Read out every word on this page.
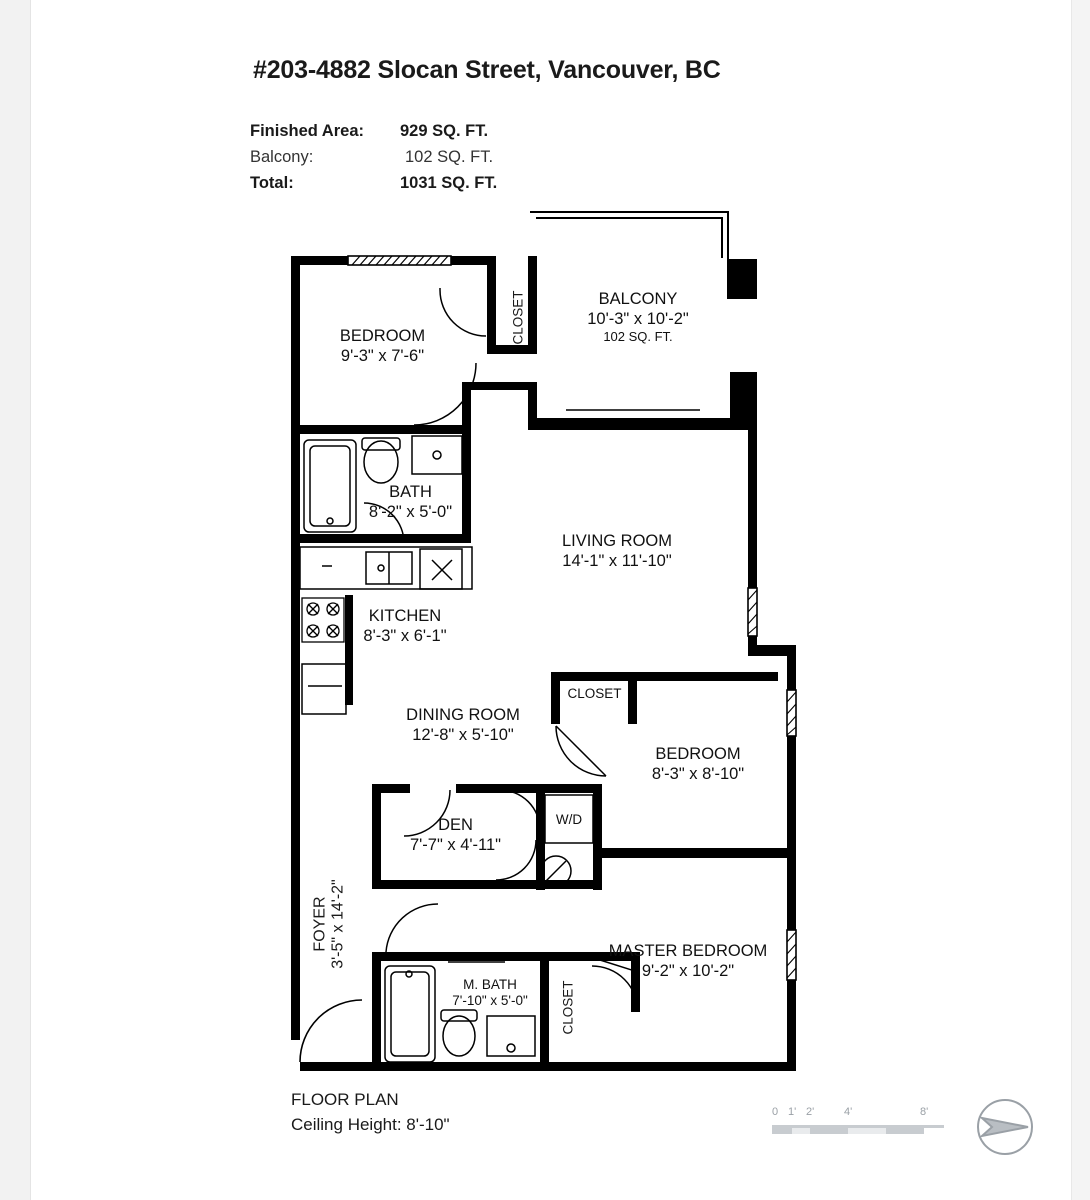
#203-4882 Slocan Street, Vancouver, BC
Finished Area:	929 SQ. FT.
Balcony:	102 SQ. FT.
Total:	1031 SQ. FT.
BEDROOM
9'-3" x 7'-6"
CLOSET	BALCONY
10'-3" x 10'-2"
102 SQ. FT.
BATH
8'-2" x 5'-0"
LIVING ROOM
14'-1" x 11'-10"
KITCHEN
8'-3" x 6'-1"
DINING ROOM
12'-8" x 5'-10"
CLOSET
BEDROOM
8'-3" x 8'-10"
DEN
7'-7" x 4'-11"
W/D
FOYER 3'-5" x 14'-2"
M. BATH
7'-10" x 5'-0"	CLOSET
MASTER BEDROOM
9'-2" x 10'-2"
FLOOR PLAN
Ceiling Height: 8'-10"
0 1' 2'	4'	8'
